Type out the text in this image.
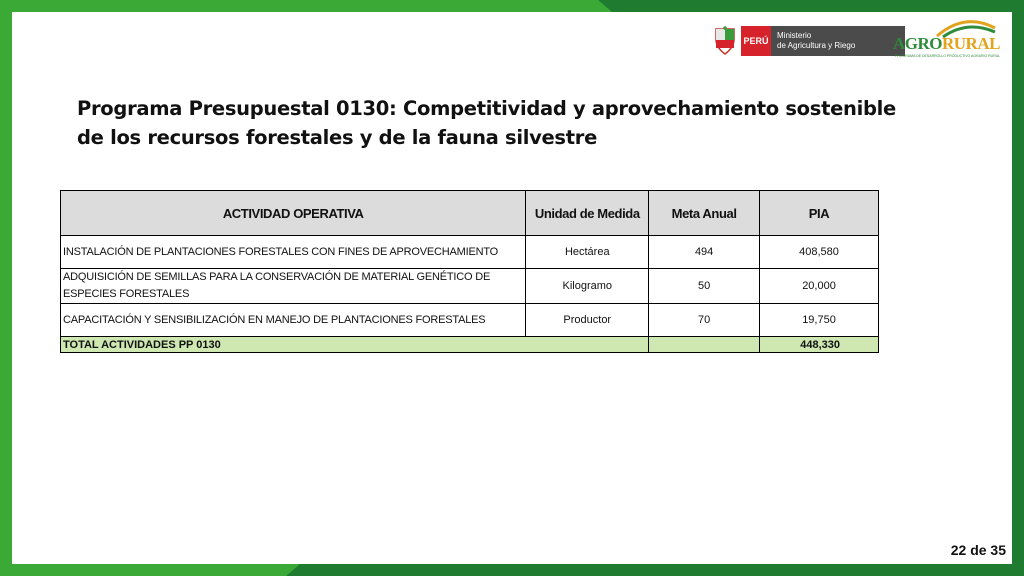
PERÚ
Ministerio
de Agricultura y Riego	AGRORURAL
PROGRAMA DE DESARROLLO PRODUCTIVO AGRARIO RURAL
Programa Presupuestal 0130: Competitividad y aprovechamiento sostenible de los recursos forestales y de la fauna silvestre
ACTIVIDAD OPERATIVA	Unidad de Medida	Meta Anual	PIA
INSTALACIÓN DE PLANTACIONES FORESTALES CON FINES DE APROVECHAMIENTO	Hectárea	494	408,580
ADQUISICIÓN DE SEMILLAS PARA LA CONSERVACIÓN DE MATERIAL GENÉTICO DE ESPECIES FORESTALES	Kilogramo	50	20,000
CAPACITACIÓN Y SENSIBILIZACIÓN EN MANEJO DE PLANTACIONES FORESTALES	Productor	70	19,750
TOTAL ACTIVIDADES PP 0130			448,330
22 de 35
